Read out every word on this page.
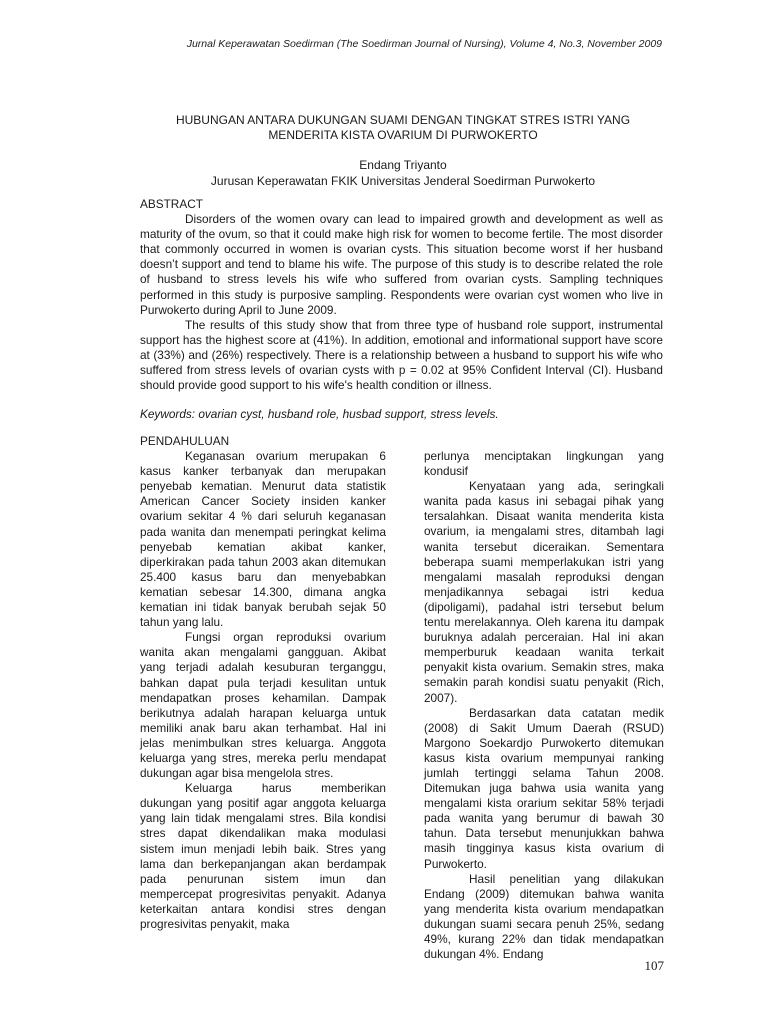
Jurnal Keperawatan Soedirman (The Soedirman Journal of Nursing), Volume 4, No.3, November 2009
HUBUNGAN ANTARA DUKUNGAN SUAMI DENGAN TINGKAT STRES ISTRI YANG
MENDERITA KISTA OVARIUM DI PURWOKERTO
Endang Triyanto
Jurusan Keperawatan FKIK Universitas Jenderal Soedirman Purwokerto
ABSTRACT

Disorders of the women ovary can lead to impaired growth and development as well as maturity of the ovum, so that it could make high risk for women to become fertile. The most disorder that commonly occurred in women is ovarian cysts. This situation become worst if her husband doesn’t support and tend to blame his wife. The purpose of this study is to describe related the role of husband to stress levels his wife who suffered from ovarian cysts. Sampling techniques performed in this study is purposive sampling. Respondents were ovarian cyst women who live in Purwokerto during April to June 2009.

The results of this study show that from three type of husband role support, instrumental support has the highest score at (41%). In addition, emotional and informational support have score at (33%) and (26%) respectively. There is a relationship between a husband to support his wife who suffered from stress levels of ovarian cysts with p = 0.02 at 95% Confident Interval (CI). Husband should provide good support to his wife's health condition or illness.

Keywords: ovarian cyst, husband role, husbad support, stress levels.
PENDAHULUAN

Keganasan ovarium merupakan 6 kasus kanker terbanyak dan merupakan penyebab kematian. Menurut data statistik American Cancer Society insiden kanker ovarium sekitar 4 % dari seluruh keganasan pada wanita dan menempati peringkat kelima penyebab kematian akibat kanker, diperkirakan pada tahun 2003 akan ditemukan 25.400 kasus baru dan menyebabkan kematian sebesar 14.300, dimana angka kematian ini tidak banyak berubah sejak 50 tahun yang lalu.

Fungsi organ reproduksi ovarium wanita akan mengalami gangguan. Akibat yang terjadi adalah kesuburan terganggu, bahkan dapat pula terjadi kesulitan untuk mendapatkan proses kehamilan. Dampak berikutnya adalah harapan keluarga untuk memiliki anak baru akan terhambat. Hal ini jelas menimbulkan stres keluarga. Anggota keluarga yang stres, mereka perlu mendapat dukungan agar bisa mengelola stres.

Keluarga harus memberikan dukungan yang positif agar anggota keluarga yang lain tidak mengalami stres. Bila kondisi stres dapat dikendalikan maka modulasi sistem imun menjadi lebih baik. Stres yang lama dan berkepanjangan akan berdampak pada penurunan sistem imun dan mempercepat progresivitas penyakit. Adanya keterkaitan antara kondisi stres dengan progresivitas penyakit, maka

perlunya menciptakan lingkungan yang kondusif

Kenyataan yang ada, seringkali wanita pada kasus ini sebagai pihak yang tersalahkan. Disaat wanita menderita kista ovarium, ia mengalami stres, ditambah lagi wanita tersebut diceraikan. Sementara beberapa suami memperlakukan istri yang mengalami masalah reproduksi dengan menjadikannya sebagai istri kedua (dipoligami), padahal istri tersebut belum tentu merelakannya. Oleh karena itu dampak buruknya adalah perceraian. Hal ini akan memperburuk keadaan wanita terkait penyakit kista ovarium. Semakin stres, maka semakin parah kondisi suatu penyakit (Rich, 2007).

Berdasarkan data catatan medik (2008) di Sakit Umum Daerah (RSUD) Margono Soekardjo Purwokerto ditemukan kasus kista ovarium mempunyai ranking jumlah tertinggi selama Tahun 2008. Ditemukan juga bahwa usia wanita yang mengalami kista orarium sekitar 58% terjadi pada wanita yang berumur di bawah 30 tahun. Data tersebut menunjukkan bahwa masih tingginya kasus kista ovarium di Purwokerto.

Hasil penelitian yang dilakukan Endang (2009) ditemukan bahwa wanita yang menderita kista ovarium mendapatkan dukungan suami secara penuh 25%, sedang 49%, kurang 22% dan tidak mendapatkan dukungan 4%. Endang

107
